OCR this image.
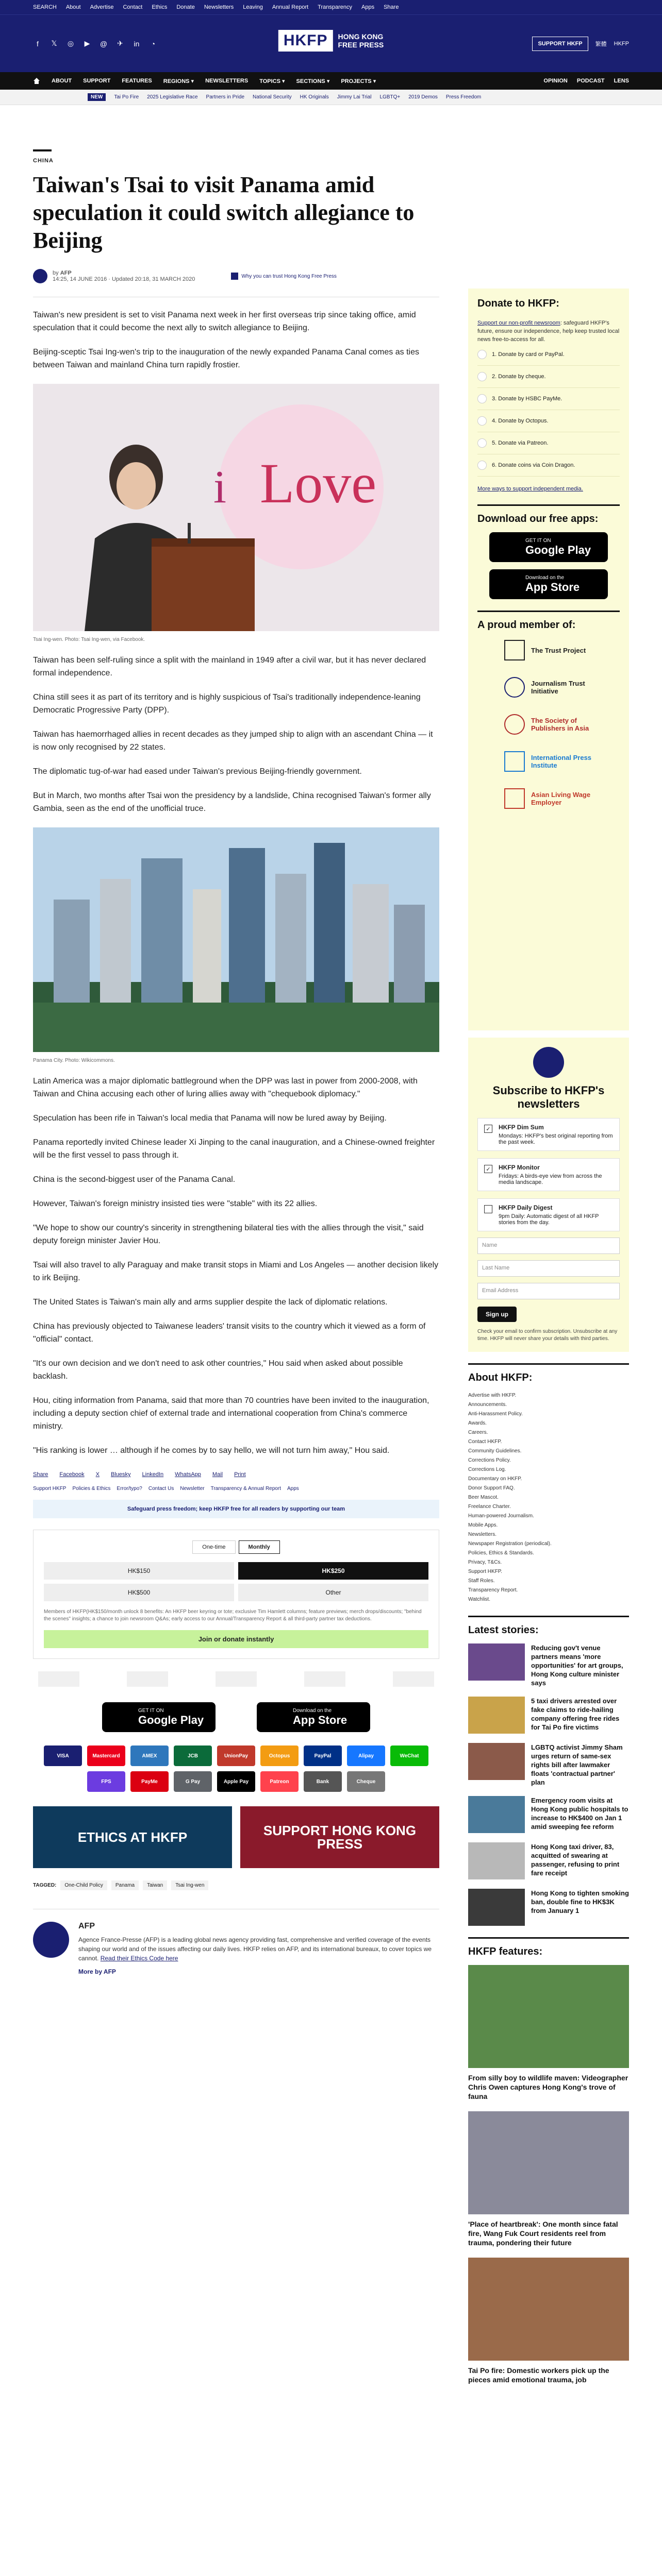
SEARCH About Advertise Contact Ethics Donate Newsletters Leaving Annual Report Transparency Apps Share
f	𝕏 ◎ ▶ @ ✈ in	◔	HKFP	HONG KONG
FREE PRESS	SUPPORT HKFP	繁體 HKFP
ABOUT SUPPORT FEATURES REGIONS ▾ NEWSLETTERS TOPICS ▾ SECTIONS ▾ PROJECTS ▾	OPINION PODCAST LENS
NEW	Tai Po Fire 2025 Legislative Race Partners in Pride National Security HK Originals Jimmy Lai Trial LGBTQ+ 2019 Demos Press Freedom
CHINA
Taiwan's Tsai to visit Panama amid speculation it could switch allegiance to Beijing
by AFP
14:25, 14 JUNE 2016 · Updated 20:18, 31 MARCH 2020	Why you can trust Hong Kong Free Press

Taiwan's new president is set to visit Panama next week in her first overseas trip since taking office, amid speculation that it could become the next ally to switch allegiance to Beijing.

Beijing-sceptic Tsai Ing-wen's trip to the inauguration of the newly expanded Panama Canal comes as ties between Taiwan and mainland China turn rapidly frostier.

Love
i
Tsai Ing-wen. Photo: Tsai Ing-wen, via Facebook.

Taiwan has been self-ruling since a split with the mainland in 1949 after a civil war, but it has never declared formal independence.

China still sees it as part of its territory and is highly suspicious of Tsai's traditionally independence-leaning Democratic Progressive Party (DPP).

Taiwan has haemorrhaged allies in recent decades as they jumped ship to align with an ascendant China — it is now only recognised by 22 states.

The diplomatic tug-of-war had eased under Taiwan's previous Beijing-friendly government.

But in March, two months after Tsai won the presidency by a landslide, China recognised Taiwan's former ally Gambia, seen as the end of the unofficial truce.

Panama City. Photo: Wikicommons.

Latin America was a major diplomatic battleground when the DPP was last in power from 2000-2008, with Taiwan and China accusing each other of luring allies away with "chequebook diplomacy."

Speculation has been rife in Taiwan's local media that Panama will now be lured away by Beijing.

Panama reportedly invited Chinese leader Xi Jinping to the canal inauguration, and a Chinese-owned freighter will be the first vessel to pass through it.

China is the second-biggest user of the Panama Canal.

However, Taiwan's foreign ministry insisted ties were "stable" with its 22 allies.

"We hope to show our country's sincerity in strengthening bilateral ties with the allies through the visit," said deputy foreign minister Javier Hou.

Tsai will also travel to ally Paraguay and make transit stops in Miami and Los Angeles — another decision likely to irk Beijing.

The United States is Taiwan's main ally and arms supplier despite the lack of diplomatic relations.

China has previously objected to Taiwanese leaders' transit visits to the country which it viewed as a form of "official" contact.

"It's our own decision and we don't need to ask other countries," Hou said when asked about possible backlash.

Hou, citing information from Panama, said that more than 70 countries have been invited to the inauguration, including a deputy section chief of external trade and international cooperation from China's commerce ministry.

"His ranking is lower … although if he comes by to say hello, we will not turn him away," Hou said.

Share Facebook X Bluesky LinkedIn WhatsApp Mail Print
Support HKFP Policies & Ethics Error/typo? Contact Us Newsletter Transparency & Annual Report Apps
Safeguard press freedom; keep HKFP free for all readers by supporting our team
One-time	Monthly
HK$150	HK$250
HK$500	Other
Members of HKFP(HK$150/month unlock 8 benefits: An HKFP beer keyring or tote; exclusive Tim Hamlett columns; feature previews; merch drops/discounts; "behind the scenes" insights; a chance to join newsroom Q&As; early access to our Annual/Transparency Report & all third-party partner tax deductions.
Join or donate instantly
GET IT ON
Google Play
Download on the
App Store
VISA	Mastercard	AMEX	JCB	UnionPay	Octopus	PayPal	Alipay	WeChat
FPS	PayMe	G Pay	Apple Pay	Patreon	Bank	Cheque
ETHICS AT HKFP	SUPPORT HONG KONG PRESS
TAGGED:	One-Child Policy	Panama	Taiwan	Tsai Ing-wen
AFP

Agence France-Presse (AFP) is a leading global news agency providing fast, comprehensive and verified coverage of the events shaping our world and of the issues affecting our daily lives. HKFP relies on AFP, and its international bureaux, to cover topics we cannot. Read their Ethics Code here

More by AFP

Donate to HKFP:

Support our non-profit newsroom: safeguard HKFP's future, ensure our independence, help keep trusted local news free-to-access for all.

1. Donate by card or PayPal.
2. Donate by cheque.
3. Donate by HSBC PayMe.
4. Donate by Octopus.
5. Donate via Patreon.
6. Donate coins via Coin Dragon.

More ways to support independent media.

Download our free apps:
GET IT ON
Google Play
Download on the
App Store
A proud member of:
The Trust Project
Journalism Trust Initiative
The Society of Publishers in Asia
International Press Institute
Asian Living Wage Employer
Subscribe to HKFP's newsletters
✓ HKFP Dim Sum
Mondays: HKFP's best original reporting from the past week.
✓ HKFP Monitor
Fridays: A birds-eye view from across the media landscape.
HKFP Daily Digest
9pm Daily: Automatic digest of all HKFP stories from the day.
Name
Last Name
Email Address
Sign up

Check your email to confirm subscription. Unsubscribe at any time. HKFP will never share your details with third parties.

About HKFP:
Advertise with HKFP.
Announcements.
Anti-Harassment Policy.
Awards.
Careers.
Contact HKFP.
Community Guidelines.
Corrections Policy.
Corrections Log.
Documentary on HKFP.
Donor Support FAQ.
Beer Mascot.
Freelance Charter.
Human-powered Journalism.
Mobile Apps.
Newsletters.
Newspaper Registration (periodical).
Policies, Ethics & Standards.
Privacy, T&Cs.
Support HKFP.
Staff Roles.
Transparency Report.
Watchlist.
Latest stories:
Reducing gov't venue partners means 'more opportunities' for art groups, Hong Kong culture minister says
5 taxi drivers arrested over fake claims to ride-hailing company offering free rides for Tai Po fire victims
LGBTQ activist Jimmy Sham urges return of same-sex rights bill after lawmaker floats 'contractual partner' plan
Emergency room visits at Hong Kong public hospitals to increase to HK$400 on Jan 1 amid sweeping fee reform
Hong Kong taxi driver, 83, acquitted of swearing at passenger, refusing to print fare receipt
Hong Kong to tighten smoking ban, double fine to HK$3K from January 1
HKFP features:
From silly boy to wildlife maven: Videographer Chris Owen captures Hong Kong's trove of fauna
'Place of heartbreak': One month since fatal fire, Wang Fuk Court residents reel from trauma, pondering their future
Tai Po fire: Domestic workers pick up the pieces amid emotional trauma, job
